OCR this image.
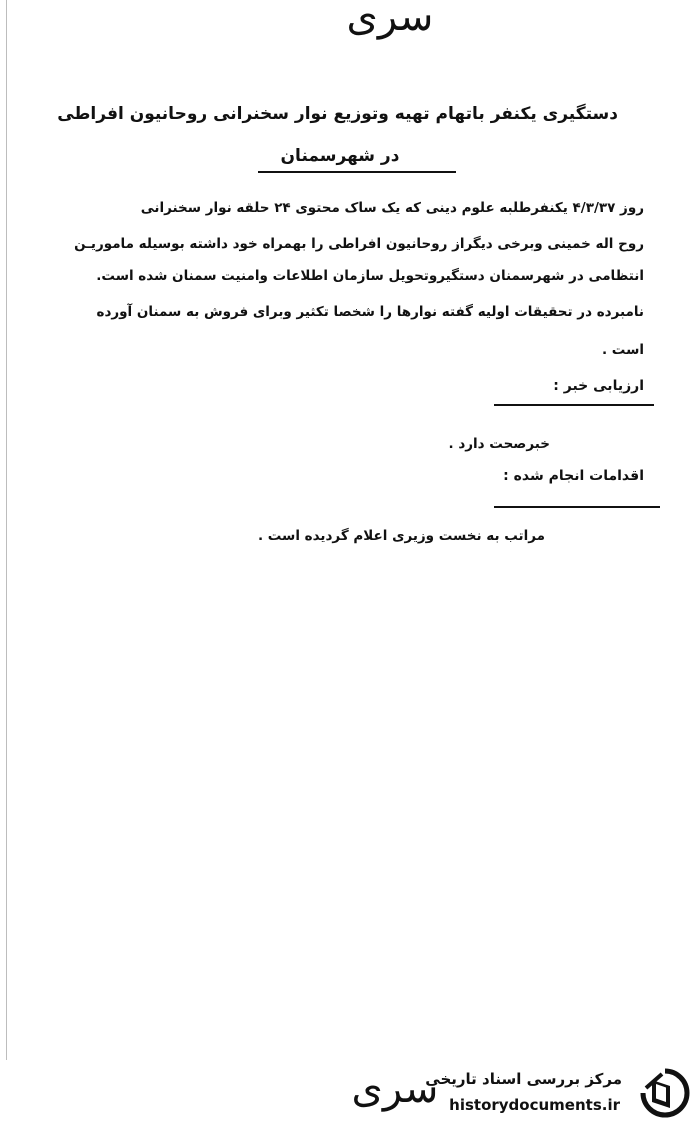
سرى
دستگیری یکنفر باتهام تهیه وتوزیع نوار سخنرانی روحانیون افراطی
در شهرسمنان
روز ۴/۳/۳۷ یکنفرطلبه علوم دینی که یک ساک محتوی ۲۴ حلقه نوار سخنرانی
روح اله خمینی وبرخی دیگراز روحانیون افراطی را بهمراه خود داشته بوسیله ماموریـن
انتظامی در شهرسمنان دستگیروتحویل سازمان اطلاعات وامنیت سمنان شده است.
نامبرده در تحقیقات اولیه گفته نوارها را شخصا تکثیر وبرای فروش به سمنان آورده
است .
ارزیابی خبر :
خبرصحت دارد .
اقدامات انجام شده :
مراتب به نخست وزیری اعلام گردیده است .
سرى
مرکز بررسی اسناد تاریخی
historydocuments.ir
